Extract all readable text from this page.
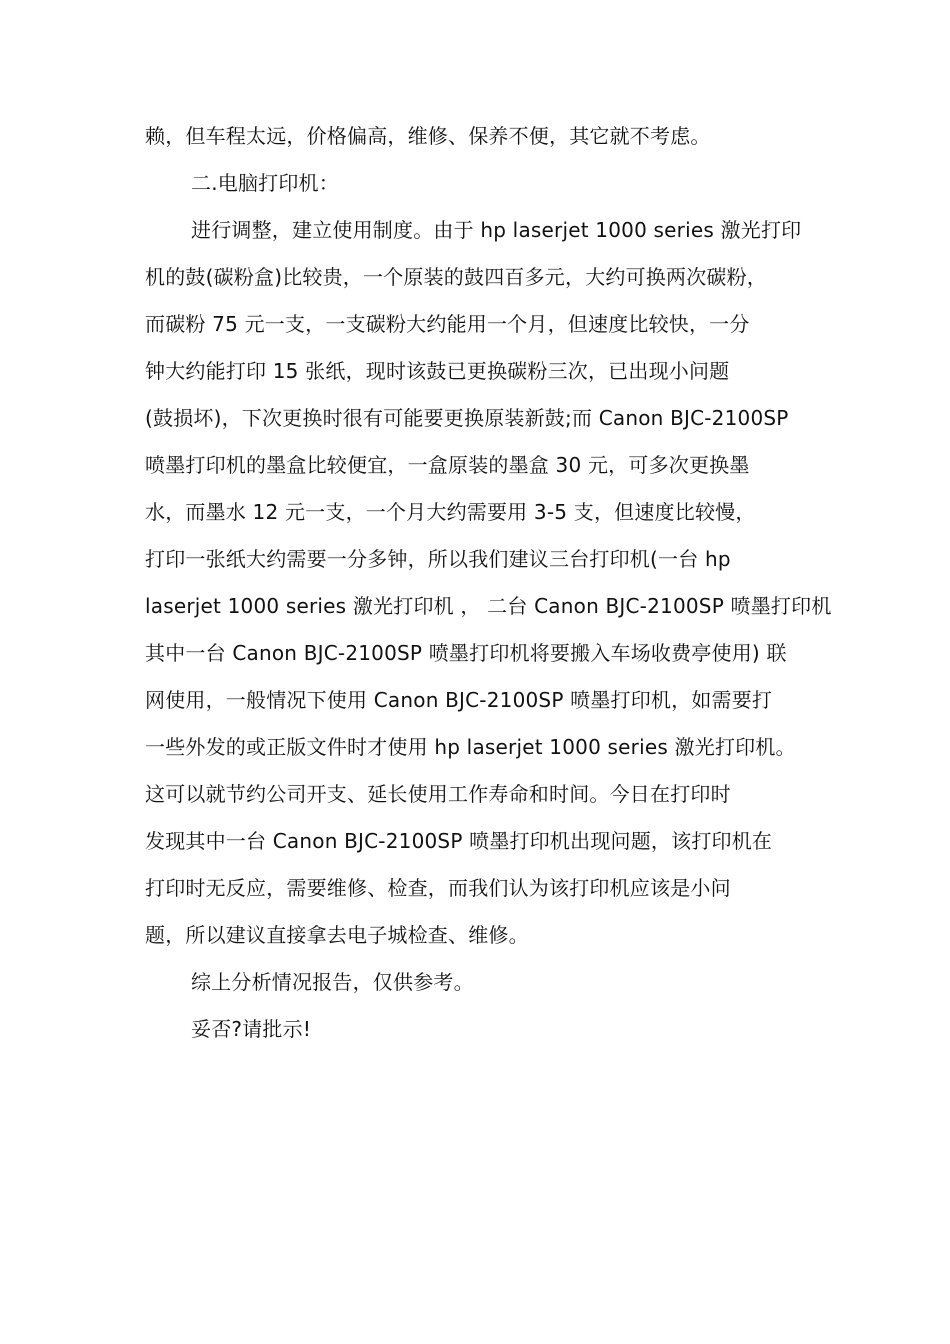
赖，但车程太远，价格偏高，维修、保养不便，其它就不考虑。
二.电脑打印机：
进行调整，建立使用制度。由于 hp laserjet 1000 series 激光打印
机的鼓(碳粉盒)比较贵，一个原装的鼓四百多元，大约可换两次碳粉，
而碳粉 75 元一支，一支碳粉大约能用一个月，但速度比较快，一分
钟大约能打印 15 张纸，现时该鼓已更换碳粉三次，已出现小问题
(鼓损坏)，下次更换时很有可能要更换原装新鼓;而 Canon BJC-2100SP
喷墨打印机的墨盒比较便宜，一盒原装的墨盒 30 元，可多次更换墨
水，而墨水 12 元一支，一个月大约需要用 3-5 支，但速度比较慢，
打印一张纸大约需要一分多钟，所以我们建议三台打印机(一台 hp
laserjet 1000 series 激光打印机 ， 二台 Canon BJC-2100SP 喷墨打印机
其中一台 Canon BJC-2100SP 喷墨打印机将要搬入车场收费亭使用) 联
网使用，一般情况下使用 Canon BJC-2100SP 喷墨打印机，如需要打
一些外发的或正版文件时才使用 hp laserjet 1000 series 激光打印机。
这可以就节约公司开支、延长使用工作寿命和时间。今日在打印时
发现其中一台 Canon BJC-2100SP 喷墨打印机出现问题，该打印机在
打印时无反应，需要维修、检查，而我们认为该打印机应该是小问
题，所以建议直接拿去电子城检查、维修。
综上分析情况报告，仅供参考。
妥否?请批示!
